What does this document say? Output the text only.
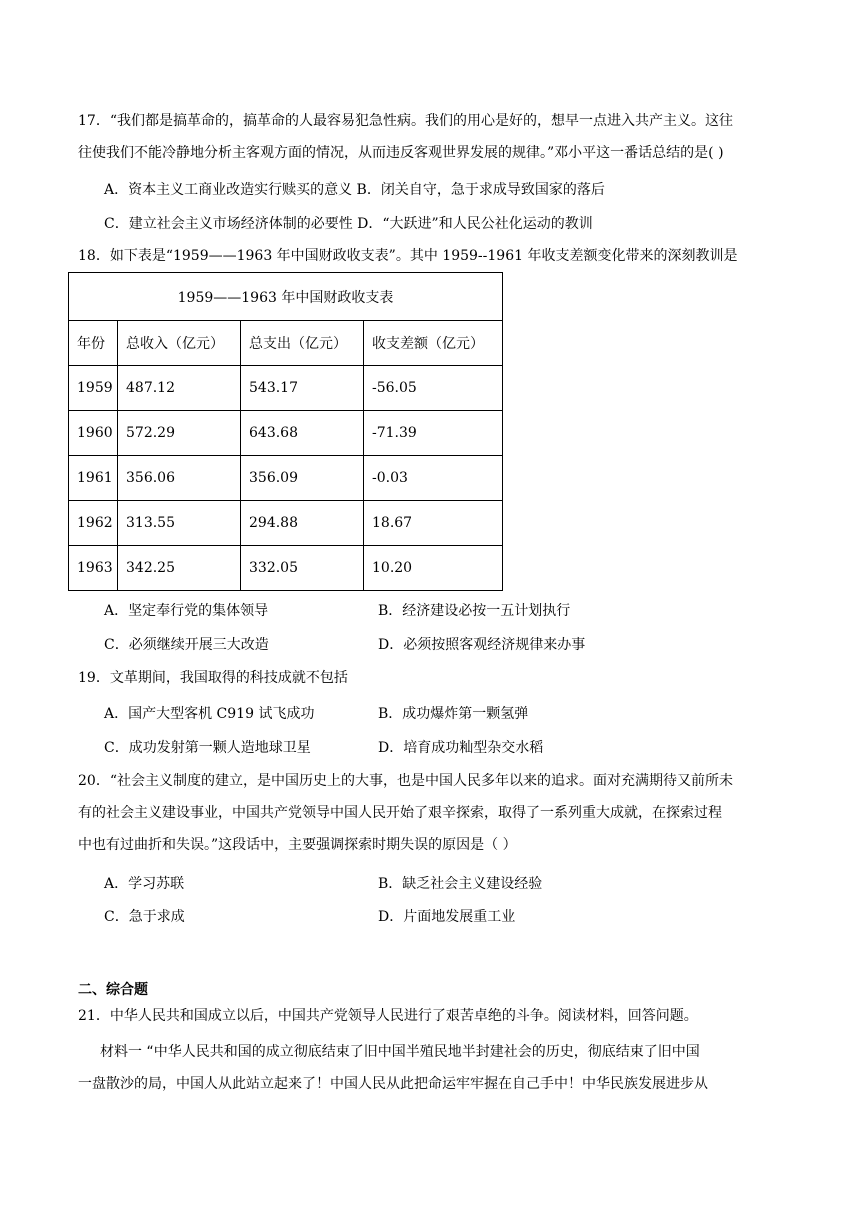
17．“我们都是搞革命的，搞革命的人最容易犯急性病。我们的用心是好的，想早一点进入共产主义。这往
往使我们不能冷静地分析主客观方面的情况，从而违反客观世界发展的规律。”邓小平这一番话总结的是( )
A．资本主义工商业改造实行赎买的意义 B．闭关自守，急于求成导致国家的落后
C．建立社会主义市场经济体制的必要性 D．“大跃进”和人民公社化运动的教训
18．如下表是“1959——1963 年中国财政收支表”。其中 1959--1961 年收支差额变化带来的深刻教训是
1959——1963 年中国财政收支表			
年份	总收入（亿元）	总支出（亿元）	收支差额（亿元）
1959	487.12	543.17	-56.05
1960	572.29	643.68	-71.39
1961	356.06	356.09	-0.03
1962	313.55	294.88	18.67
1963	342.25	332.05	10.20
A．坚定奉行党的集体领导	B．经济建设必按一五计划执行
C．必须继续开展三大改造	D．必须按照客观经济规律来办事
19．文革期间，我国取得的科技成就不包括
A．国产大型客机 C919 试飞成功	B．成功爆炸第一颗氢弹
C．成功发射第一颗人造地球卫星	D．培育成功籼型杂交水稻
20．“社会主义制度的建立，是中国历史上的大事，也是中国人民多年以来的追求。面对充满期待又前所未
有的社会主义建设事业，中国共产党领导中国人民开始了艰辛探索，取得了一系列重大成就，在探索过程
中也有过曲折和失误。”这段话中，主要强调探索时期失误的原因是（ ）
A．学习苏联	B．缺乏社会主义建设经验
C．急于求成	D．片面地发展重工业
二、综合题
21．中华人民共和国成立以后，中国共产党领导人民进行了艰苦卓绝的斗争。阅读材料，回答问题。
材料一 “中华人民共和国的成立彻底结束了旧中国半殖民地半封建社会的历史，彻底结束了旧中国
一盘散沙的局，中国人从此站立起来了！中国人民从此把命运牢牢握在自己手中！中华民族发展进步从
